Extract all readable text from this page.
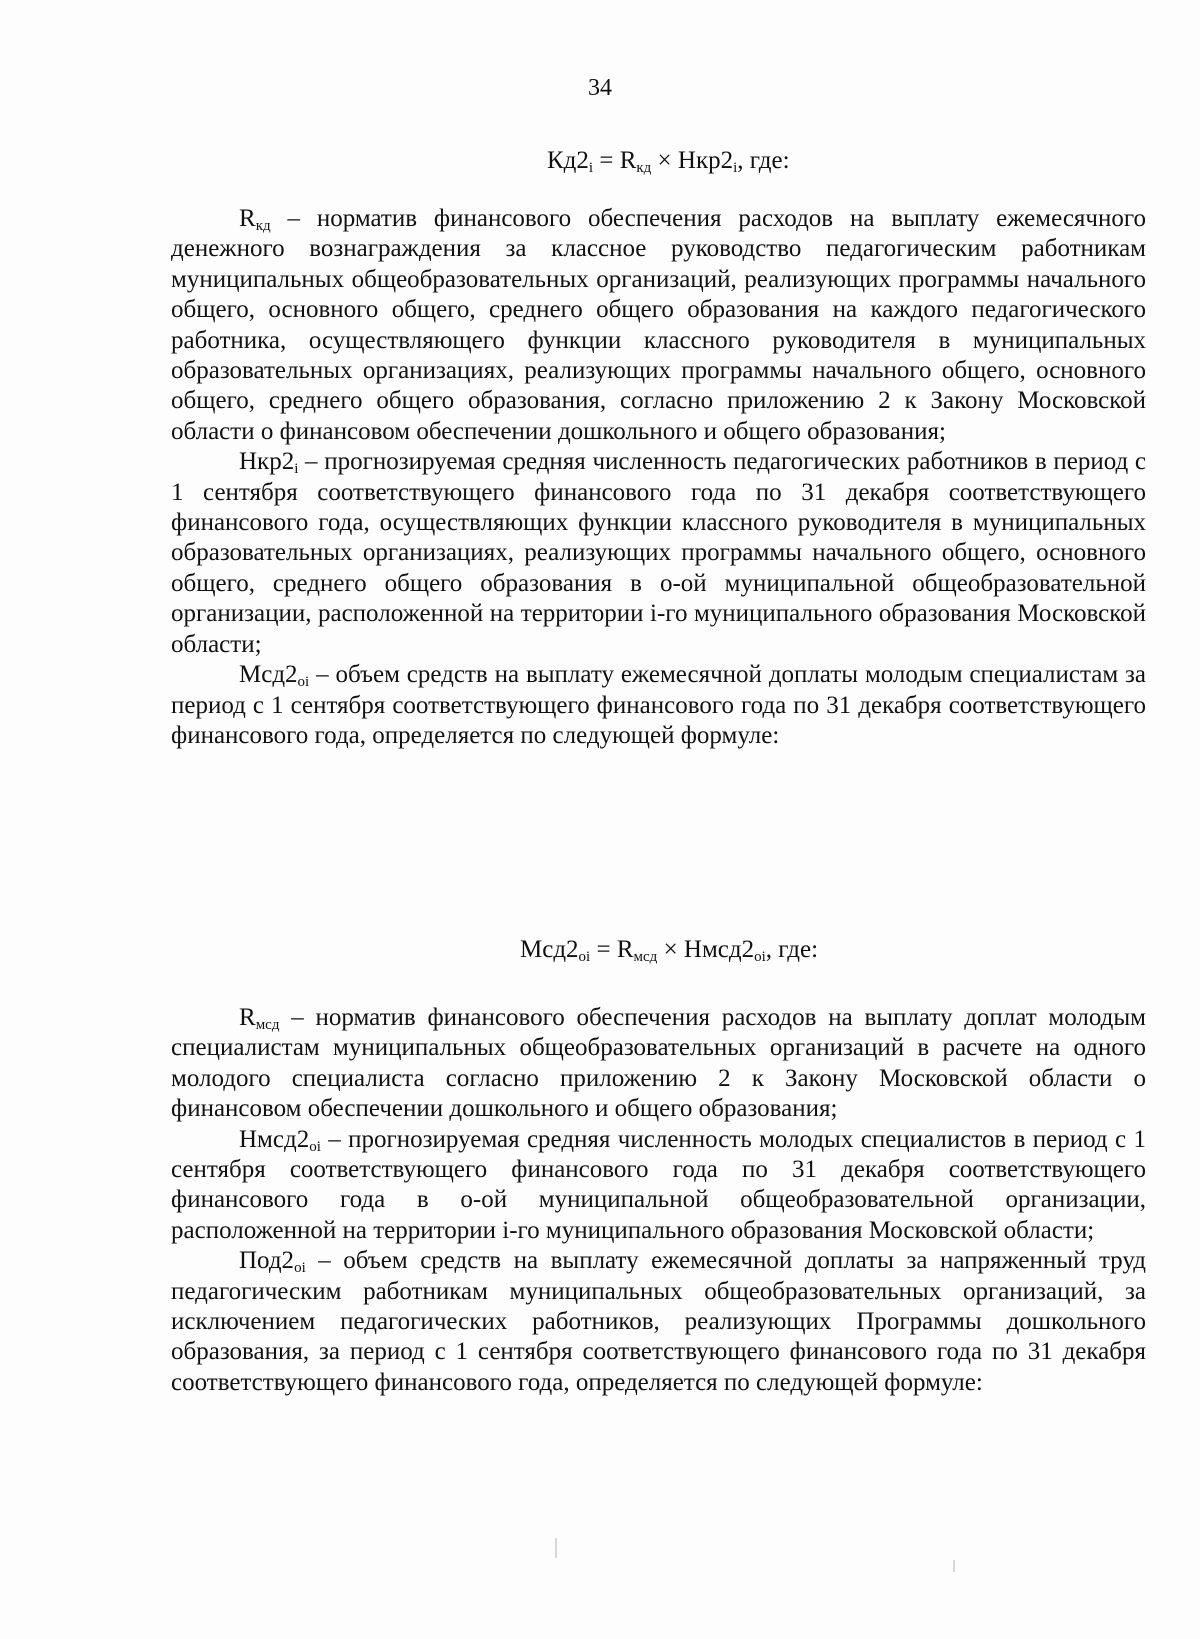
34
$Кд2_i = R_{кд} \times Нкр2_i$, где:

$R_{кд}$ – норматив финансового обеспечения расходов на выплату ежемесячного денежного вознаграждения за классное руководство педагогическим работникам муниципальных общеобразовательных организаций, реализующих программы начального общего, основного общего, среднего общего образования на каждого педагогического работника, осуществляющего функции классного руководителя в муниципальных образовательных организациях, реализующих программы начального общего, основного общего, среднего общего образования, согласно приложению 2 к Закону Московской области о финансовом обеспечении дошкольного и общего образования;

$Нкр2_i$ – прогнозируемая средняя численность педагогических работников в период с 1 сентября соответствующего финансового года по 31 декабря соответствующего финансового года, осуществляющих функции классного руководителя в муниципальных образовательных организациях, реализующих программы начального общего, основного общего, среднего общего образования в о-ой муниципальной общеобразовательной организации, расположенной на территории i-го муниципального образования Московской области;

$Мсд2_{oi}$ – объем средств на выплату ежемесячной доплаты молодым специалистам за период с 1 сентября соответствующего финансового года по 31 декабря соответствующего финансового года, определяется по следующей формуле:

$Мсд2_{oi} = R_{мсд}$ × $Нмсд2_{oi}$, где:

$R_{мсд}$ – норматив финансового обеспечения расходов на выплату доплат молодым специалистам муниципальных общеобразовательных организаций в расчете на одного молодого специалиста согласно приложению 2 к Закону Московской области о финансовом обеспечении дошкольного и общего образования;

$Нмсд2_{oi}$ – прогнозируемая средняя численность молодых специалистов в период с 1 сентября соответствующего финансового года по 31 декабря соответствующего финансового года в о-ой муниципальной общеобразовательной организации, расположенной на территории i-го муниципального образования Московской области;

$Под2_{oi}$ – объем средств на выплату ежемесячной доплаты за напряженный труд педагогическим работникам муниципальных общеобразовательных организаций, за исключением педагогических работников, реализующих Программы дошкольного образования, за период с 1 сентября соответствующего финансового года по 31 декабря соответствующего финансового года, определяется по следующей формуле:
